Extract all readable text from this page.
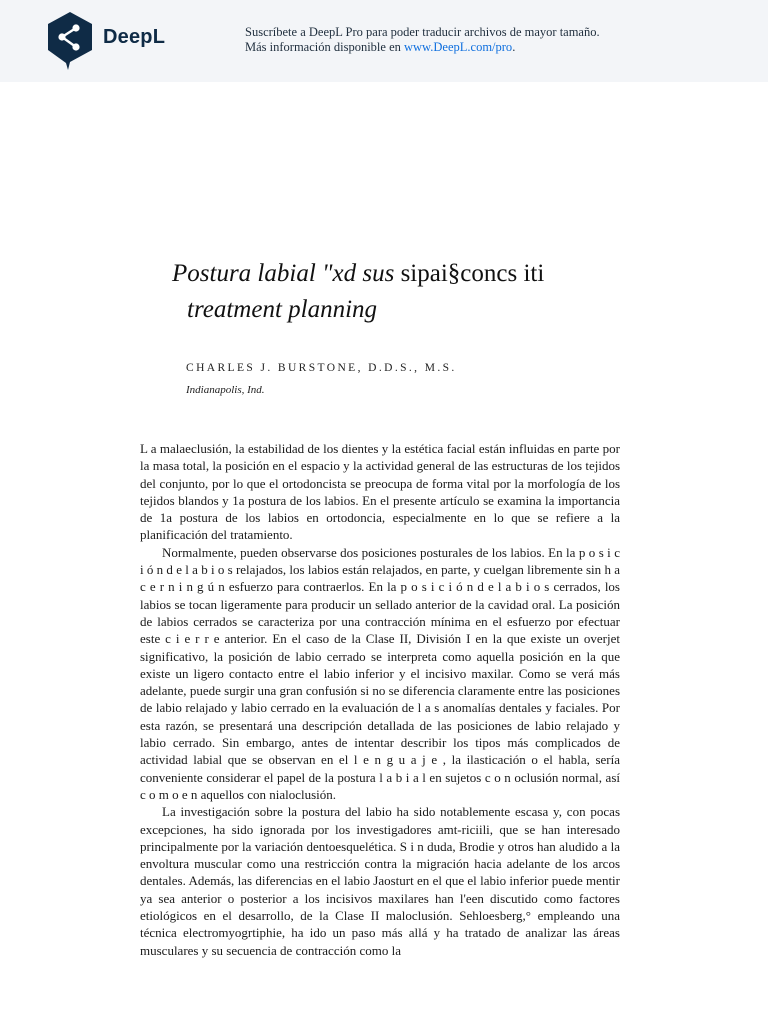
DeepL	Suscríbete a DeepL Pro para poder traducir archivos de mayor tamaño.
Más información disponible en www.DeepL.com/pro.
Postura labial "xd sus sipai§concs iti
treatment planning
CHARLES J. BURSTONE, D.D.S., M.S.
Indianapolis, Ind.

L a malaeclusión, la estabilidad de los dientes y la estética facial están influidas en parte por la masa total, la posición en el espacio y la actividad general de las estructuras de los tejidos del conjunto, por lo que el ortodoncista se preocupa de forma vital por la morfología de los tejidos blandos y 1a postura de los labios. En el presente artículo se examina la importancia de 1a postura de los labios en ortodoncia, especialmente en lo que se refiere a la planificación del tratamiento.

Normalmente, pueden observarse dos posiciones posturales de los labios. En la p o s i c i ó n d e l a b i o s relajados, los labios están relajados, en parte, y cuelgan libremente sin h a c e r n i n g ú n esfuerzo para contraerlos. En la p o s i c i ó n d e l a b i o s cerrados, los labios se tocan ligeramente para producir un sellado anterior de la cavidad oral. La posición de labios cerrados se caracteriza por una contracción mínima en el esfuerzo por efectuar este c i e r r e anterior. En el caso de la Clase II, División I en la que existe un overjet significativo, la posición de labio cerrado se interpreta como aquella posición en la que existe un ligero contacto entre el labio inferior y el incisivo maxilar. Como se verá más adelante, puede surgir una gran confusión si no se diferencia claramente entre las posiciones de labio relajado y labio cerrado en la evaluación de l a s anomalías dentales y faciales. Por esta razón, se presentará una descripción detallada de las posiciones de labio relajado y labio cerrado. Sin embargo, antes de intentar describir los tipos más complicados de actividad labial que se observan en el l e n g u a j e , la ilasticación o el habla, sería conveniente considerar el papel de la postura l a b i a l en sujetos c o n oclusión normal, así c o m o e n aquellos con nialoclusión.

La investigación sobre la postura del labio ha sido notablemente escasa y, con pocas excepciones, ha sido ignorada por los investigadores amt-riciili, que se han interesado principalmente por la variación dentoesquelética. S i n duda, Brodie y otros han aludido a la envoltura muscular como una restricción contra la migración hacia adelante de los arcos dentales. Además, las diferencias en el labio Jaosturt en el que el labio inferior puede mentir ya sea anterior o posterior a los incisivos maxilares han l'een discutido como factores etiológicos en el desarrollo, de la Clase II maloclusión. Sehloesberg,° empleando una técnica electromyogrtiphie, ha ido un paso más allá y ha tratado de analizar las áreas musculares y su secuencia de contracción como la
